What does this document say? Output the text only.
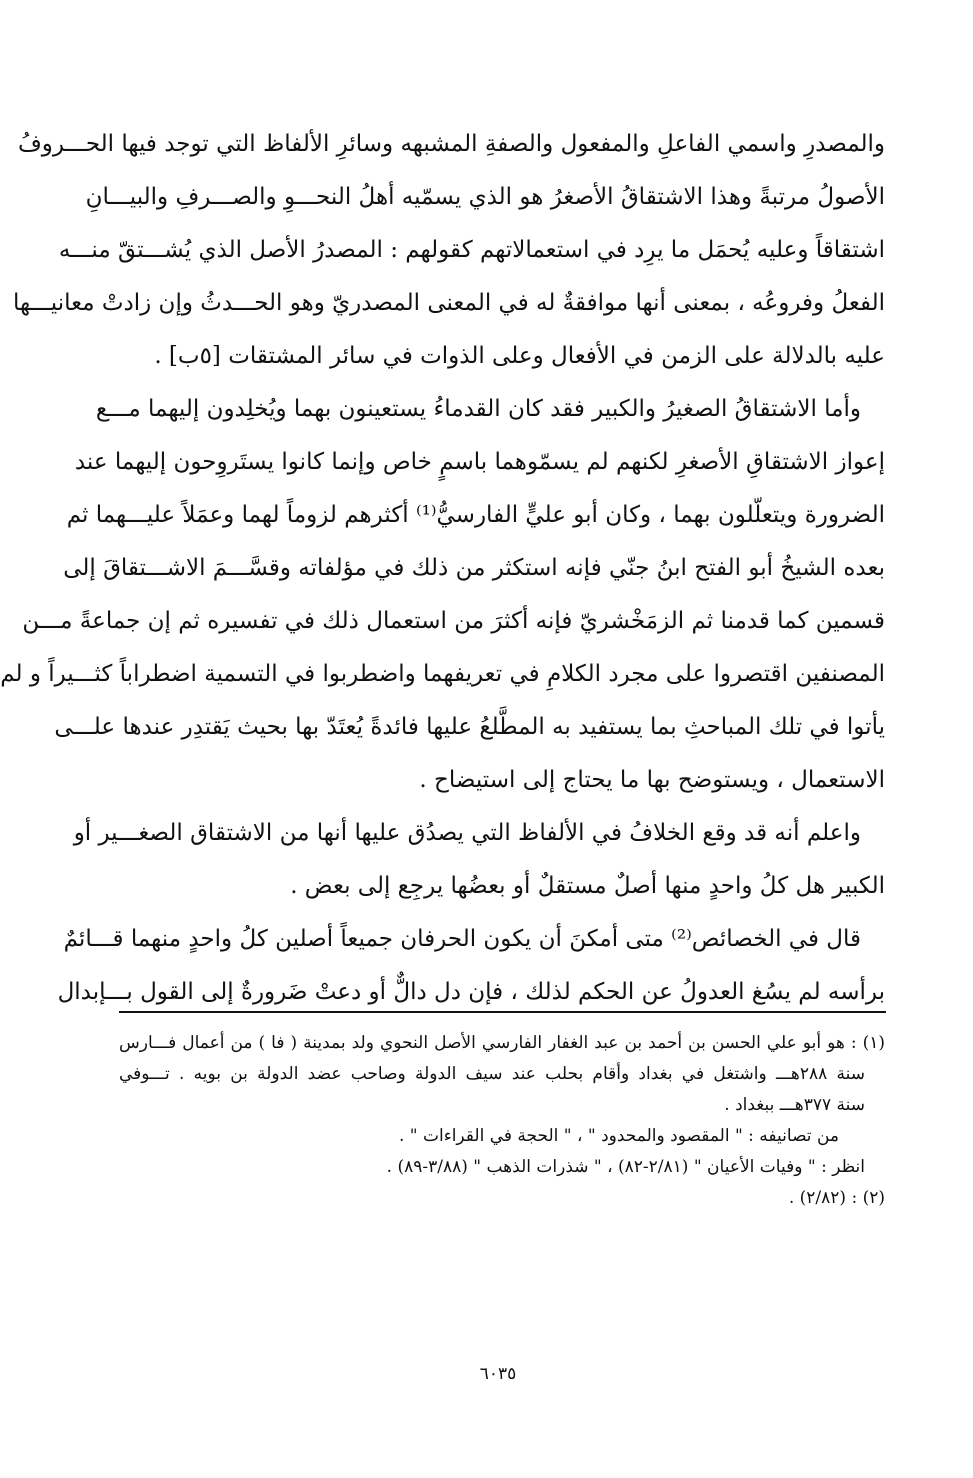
والمصدرِ واسمي الفاعلِ والمفعول والصفةِ المشبهه وسائرِ الألفاظ التي توجد فيها الحـــروفُ
الأصولُ مرتبةً وهذا الاشتقاقُ الأصغرُ هو الذي يسمّيه أهلُ النحـــوِ والصـــرفِ والبيـــانِ
اشتقاقاً وعليه يُحمَل ما يرِد في استعمالاتهم كقولهم : المصدرُ الأصل الذي يُشـــتقّ منـــه
الفعلُ وفروعُه ، بمعنى أنها موافقةٌ له في المعنى المصدريّ وهو الحـــدثُ وإن زادتْ معانيـــها
عليه بالدلالة على الزمن في الأفعال وعلى الذوات في سائر المشتقات [٥ب] .
وأما الاشتقاقُ الصغيرُ والكبير فقد كان القدماءُ يستعينون بهما ويُخلِدون إليهما مـــع
إعواز الاشتقاقِ الأصغرِ لكنهم لم يسمّوهما باسمٍ خاص وإنما كانوا يستَروِحون إليهما عند
الضرورة ويتعلّلون بهما ، وكان أبو عليٍّ الفارسيُّ⁽¹⁾ أكثرهم لزوماً لهما وعمَلاً عليـــهما ثم
بعده الشيخُ أبو الفتح ابنُ جنّي فإنه استكثر من ذلك في مؤلفاته وقسَّـــمَ الاشـــتقاقَ إلى
قسمين كما قدمنا ثم الزمَخْشريّ فإنه أكثرَ من استعمال ذلك في تفسيره ثم إن جماعةً مـــن
المصنفين اقتصروا على مجرد الكلامِ في تعريفهما واضطربوا في التسمية اضطراباً كثـــيراً و لم
يأتوا في تلك المباحثِ بما يستفيد به المطَّلعُ عليها فائدةً يُعتَدّ بها بحيث يَقتدِر عندها علـــى
الاستعمال ، ويستوضح بها ما يحتاج إلى استيضاح .
واعلم أنه قد وقع الخلافُ في الألفاظ التي يصدُق عليها أنها من الاشتقاق الصغـــير أو
الكبير هل كلُ واحدٍ منها أصلٌ مستقلٌ أو بعضُها يرجِع إلى بعض .
قال في الخصائص⁽²⁾ متى أمكنَ أن يكون الحرفان جميعاً أصلين كلُ واحدٍ منهما قـــائمٌ
برأسه لم يسُغ العدولُ عن الحكم لذلك ، فإن دل دالٌّ أو دعتْ ضَرورةٌ إلى القول بـــإبدال
(١) : هو أبو علي الحسن بن أحمد بن عبد الغفار الفارسي الأصل النحوي ولد بمدينة ( فا ) من أعمال فـــارس
سنة ٢٨٨هـــ واشتغل في بغداد وأقام بحلب عند سيف الدولة وصاحب عضد الدولة بن بويه . تـــوفي
سنة ٣٧٧هـــ ببغداد .
من تصانيفه : " المقصود والمحدود " ، " الحجة في القراءات " .
انظر : " وفيات الأعيان " (٢/٨١-٨٢) ، " شذرات الذهب " (٣/٨٨-٨٩) .
(٢) : (٢/٨٢) .
٦٠٣٥
